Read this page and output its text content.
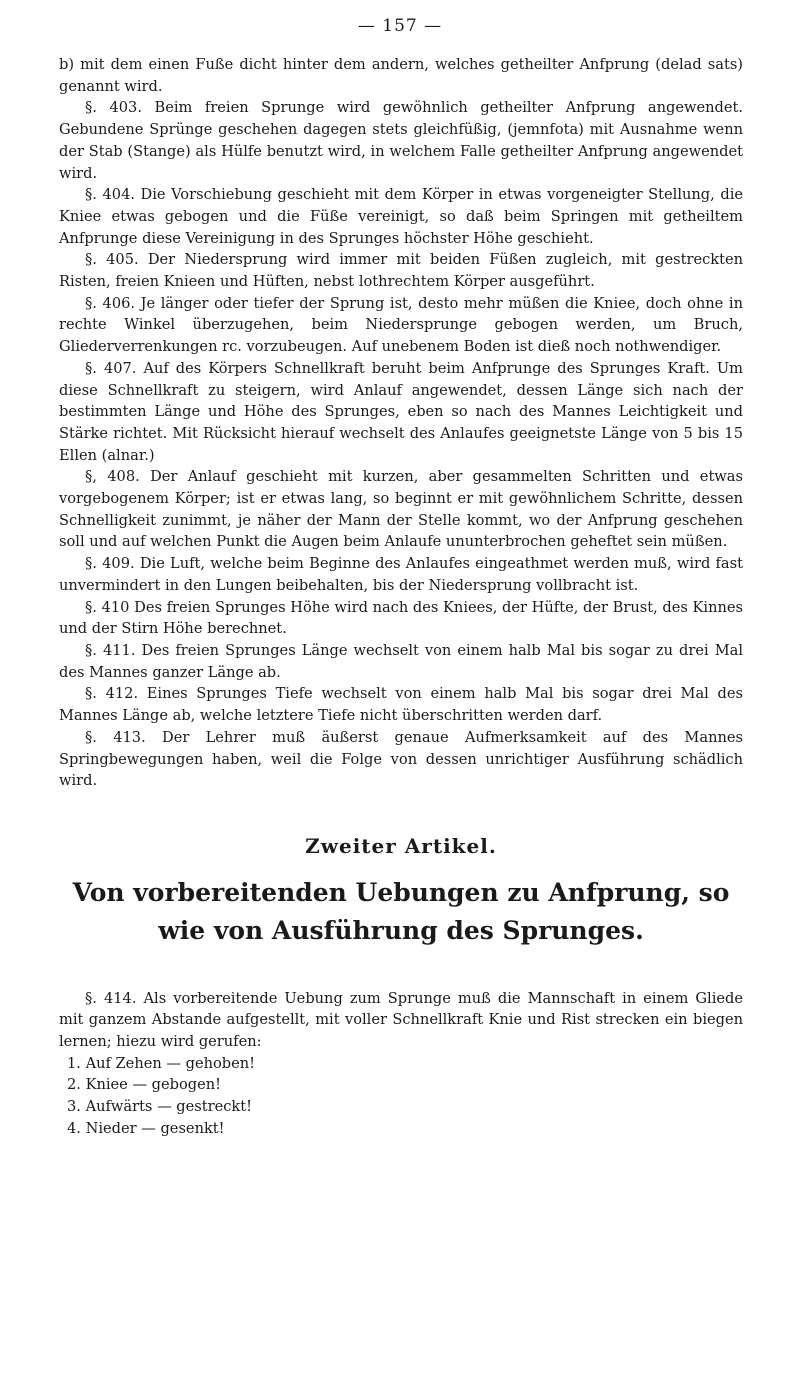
— 157 —

b) mit dem einen Fuße dicht hinter dem andern, welches getheilter Anfprung (delad sats) genannt wird.

§. 403. Beim freien Sprunge wird gewöhnlich getheilter Anfprung angewendet. Gebundene Sprünge geschehen dagegen stets gleichfüßig, (jemnfota) mit Ausnahme wenn der Stab (Stange) als Hülfe benutzt wird, in welchem Falle getheilter Anfprung angewendet wird.

§. 404. Die Vorschiebung geschieht mit dem Körper in etwas vorgeneigter Stellung, die Kniee etwas gebogen und die Füße vereinigt, so daß beim Springen mit getheiltem Anfprunge diese Vereinigung in des Sprunges höchster Höhe geschieht.

§. 405. Der Niedersprung wird immer mit beiden Füßen zugleich, mit gestreckten Risten, freien Knieen und Hüften, nebst lothrechtem Körper ausgeführt.

§. 406. Je länger oder tiefer der Sprung ist, desto mehr müßen die Kniee, doch ohne in rechte Winkel überzugehen, beim Niedersprunge gebogen werden, um Bruch, Gliederverrenkungen rc. vorzubeugen. Auf unebenem Boden ist dieß noch nothwendiger.

§. 407. Auf des Körpers Schnellkraft beruht beim Anfprunge des Sprunges Kraft. Um diese Schnellkraft zu steigern, wird Anlauf angewendet, dessen Länge sich nach der bestimmten Länge und Höhe des Sprunges, eben so nach des Mannes Leichtigkeit und Stärke richtet. Mit Rücksicht hierauf wechselt des Anlaufes geeignetste Länge von 5 bis 15 Ellen (alnar.)

§, 408. Der Anlauf geschieht mit kurzen, aber gesammelten Schritten und etwas vorgebogenem Körper; ist er etwas lang, so beginnt er mit gewöhnlichem Schritte, dessen Schnelligkeit zunimmt, je näher der Mann der Stelle kommt, wo der Anfprung geschehen soll und auf welchen Punkt die Augen beim Anlaufe ununterbrochen geheftet sein müßen.

§. 409. Die Luft, welche beim Beginne des Anlaufes eingeathmet werden muß, wird fast unvermindert in den Lungen beibehalten, bis der Niedersprung vollbracht ist.

§. 410 Des freien Sprunges Höhe wird nach des Kniees, der Hüfte, der Brust, des Kinnes und der Stirn Höhe berechnet.

§. 411. Des freien Sprunges Länge wechselt von einem halb Mal bis sogar zu drei Mal des Mannes ganzer Länge ab.

§. 412. Eines Sprunges Tiefe wechselt von einem halb Mal bis sogar drei Mal des Mannes Länge ab, welche letztere Tiefe nicht überschritten werden darf.

§. 413. Der Lehrer muß äußerst genaue Aufmerksamkeit auf des Mannes Springbewegungen haben, weil die Folge von dessen unrichtiger Ausführung schädlich wird.

Zweiter Artikel.
Von vorbereitenden Uebungen zu Anfprung, so wie von Ausführung des Sprunges.

§. 414. Als vorbereitende Uebung zum Sprunge muß die Mannschaft in einem Gliede mit ganzem Abstande aufgestellt, mit voller Schnellkraft Knie und Rist strecken ein biegen lernen; hiezu wird gerufen:

1. Auf Zehen — gehoben!

2. Kniee — gebogen!

3. Aufwärts — gestreckt!

4. Nieder — gesenkt!
